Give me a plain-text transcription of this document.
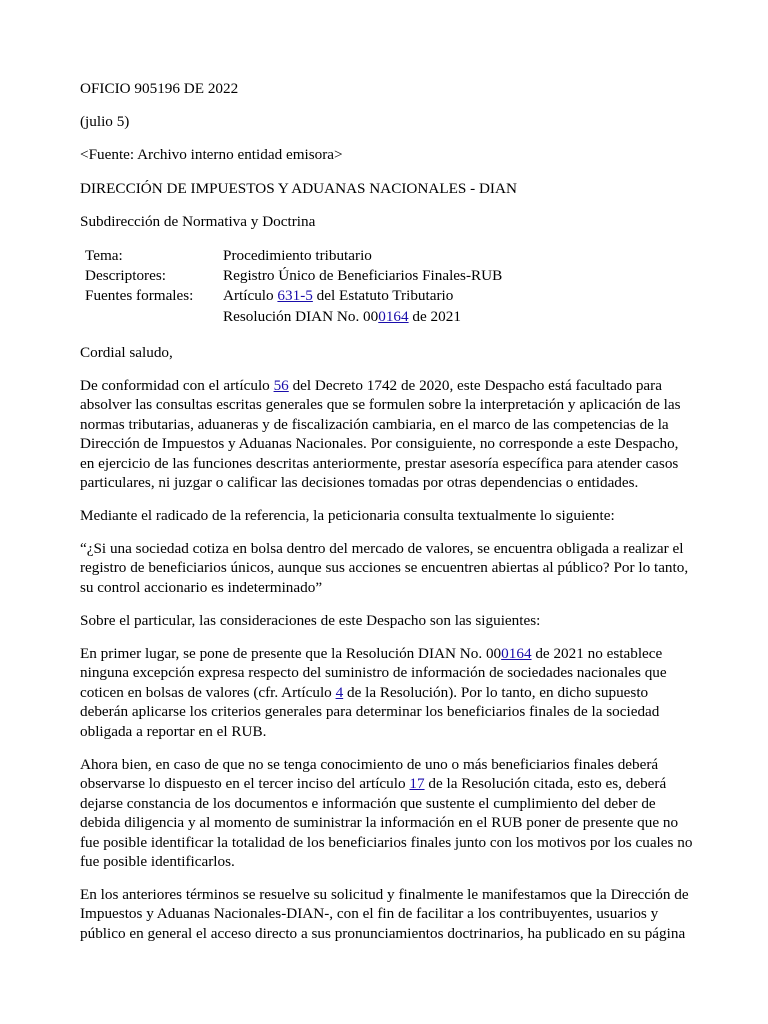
OFICIO 905196 DE 2022
(julio 5)
<Fuente: Archivo interno entidad emisora>
DIRECCIÓN DE IMPUESTOS Y ADUANAS NACIONALES - DIAN
Subdirección de Normativa y Doctrina
Tema:	Procedimiento tributario
Descriptores:	Registro Único de Beneficiarios Finales-RUB
Fuentes formales:	Artículo 631-5 del Estatuto Tributario
Resolución DIAN No. 000164 de 2021
Cordial saludo,
De conformidad con el artículo 56 del Decreto 1742 de 2020, este Despacho está facultado para
absolver las consultas escritas generales que se formulen sobre la interpretación y aplicación de las
normas tributarias, aduaneras y de fiscalización cambiaria, en el marco de las competencias de la
Dirección de Impuestos y Aduanas Nacionales. Por consiguiente, no corresponde a este Despacho,
en ejercicio de las funciones descritas anteriormente, prestar asesoría específica para atender casos
particulares, ni juzgar o calificar las decisiones tomadas por otras dependencias o entidades.
Mediante el radicado de la referencia, la peticionaria consulta textualmente lo siguiente:
“¿Si una sociedad cotiza en bolsa dentro del mercado de valores, se encuentra obligada a realizar el
registro de beneficiarios únicos, aunque sus acciones se encuentren abiertas al público? Por lo tanto,
su control accionario es indeterminado”
Sobre el particular, las consideraciones de este Despacho son las siguientes:
En primer lugar, se pone de presente que la Resolución DIAN No. 000164 de 2021 no establece
ninguna excepción expresa respecto del suministro de información de sociedades nacionales que
coticen en bolsas de valores (cfr. Artículo 4 de la Resolución). Por lo tanto, en dicho supuesto
deberán aplicarse los criterios generales para determinar los beneficiarios finales de la sociedad
obligada a reportar en el RUB.
Ahora bien, en caso de que no se tenga conocimiento de uno o más beneficiarios finales deberá
observarse lo dispuesto en el tercer inciso del artículo 17 de la Resolución citada, esto es, deberá
dejarse constancia de los documentos e información que sustente el cumplimiento del deber de
debida diligencia y al momento de suministrar la información en el RUB poner de presente que no
fue posible identificar la totalidad de los beneficiarios finales junto con los motivos por los cuales no
fue posible identificarlos.
En los anteriores términos se resuelve su solicitud y finalmente le manifestamos que la Dirección de
Impuestos y Aduanas Nacionales-DIAN-, con el fin de facilitar a los contribuyentes, usuarios y
público en general el acceso directo a sus pronunciamientos doctrinarios, ha publicado en su página
